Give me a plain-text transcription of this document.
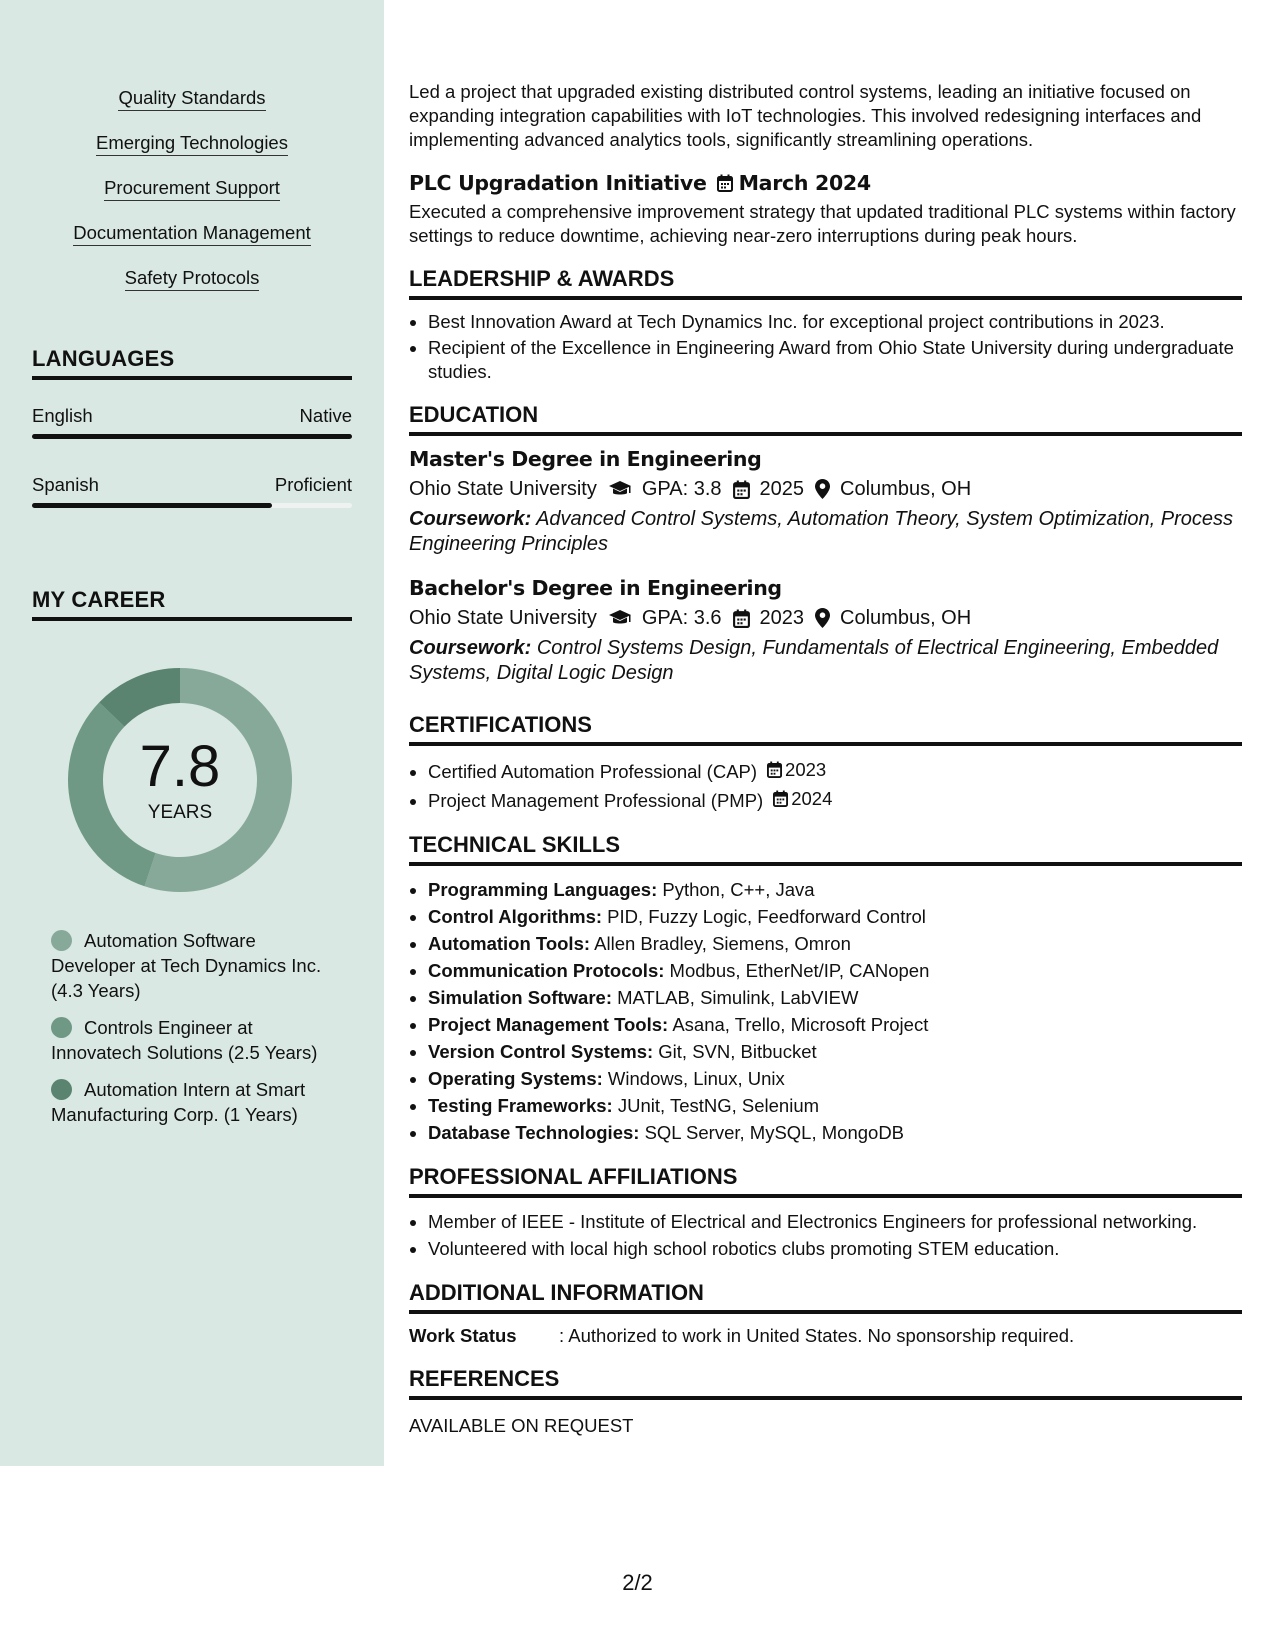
Quality Standards
Emerging Technologies
Procurement Support
Documentation Management
Safety Protocols
LANGUAGES
English	Native
Spanish	Proficient
MY CAREER
7.8
YEARS
Automation Software Developer at Tech Dynamics Inc. (4.3 Years)
Controls Engineer at Innovatech Solutions (2.5 Years)
Automation Intern at Smart Manufacturing Corp. (1 Years)

Led a project that upgraded existing distributed control systems, leading an initiative focused on expanding integration capabilities with IoT technologies. This involved redesigning interfaces and implementing advanced analytics tools, significantly streamlining operations.

PLC Upgradation Initiative March 2024

Executed a comprehensive improvement strategy that updated traditional PLC systems within factory settings to reduce downtime, achieving near-zero interruptions during peak hours.

LEADERSHIP & AWARDS
• Best Innovation Award at Tech Dynamics Inc. for exceptional project contributions in 2023.
• Recipient of the Excellence in Engineering Award from Ohio State University during undergraduate studies.
EDUCATION
Master's Degree in Engineering
Ohio State University GPA: 3.8 2025 Columbus, OH

Coursework: Advanced Control Systems, Automation Theory, System Optimization, Process Engineering Principles

Bachelor's Degree in Engineering
Ohio State University GPA: 3.6 2023 Columbus, OH

Coursework: Control Systems Design, Fundamentals of Electrical Engineering, Embedded Systems, Digital Logic Design

CERTIFICATIONS
• Certified Automation Professional (CAP) 2023
• Project Management Professional (PMP) 2024
TECHNICAL SKILLS
• Programming Languages: Python, C++, Java
• Control Algorithms: PID, Fuzzy Logic, Feedforward Control
• Automation Tools: Allen Bradley, Siemens, Omron
• Communication Protocols: Modbus, EtherNet/IP, CANopen
• Simulation Software: MATLAB, Simulink, LabVIEW
• Project Management Tools: Asana, Trello, Microsoft Project
• Version Control Systems: Git, SVN, Bitbucket
• Operating Systems: Windows, Linux, Unix
• Testing Frameworks: JUnit, TestNG, Selenium
• Database Technologies: SQL Server, MySQL, MongoDB
PROFESSIONAL AFFILIATIONS
• Member of IEEE - Institute of Electrical and Electronics Engineers for professional networking.
• Volunteered with local high school robotics clubs promoting STEM education.
ADDITIONAL INFORMATION
Work Status	: Authorized to work in United States. No sponsorship required.
REFERENCES
AVAILABLE ON REQUEST
2/2
